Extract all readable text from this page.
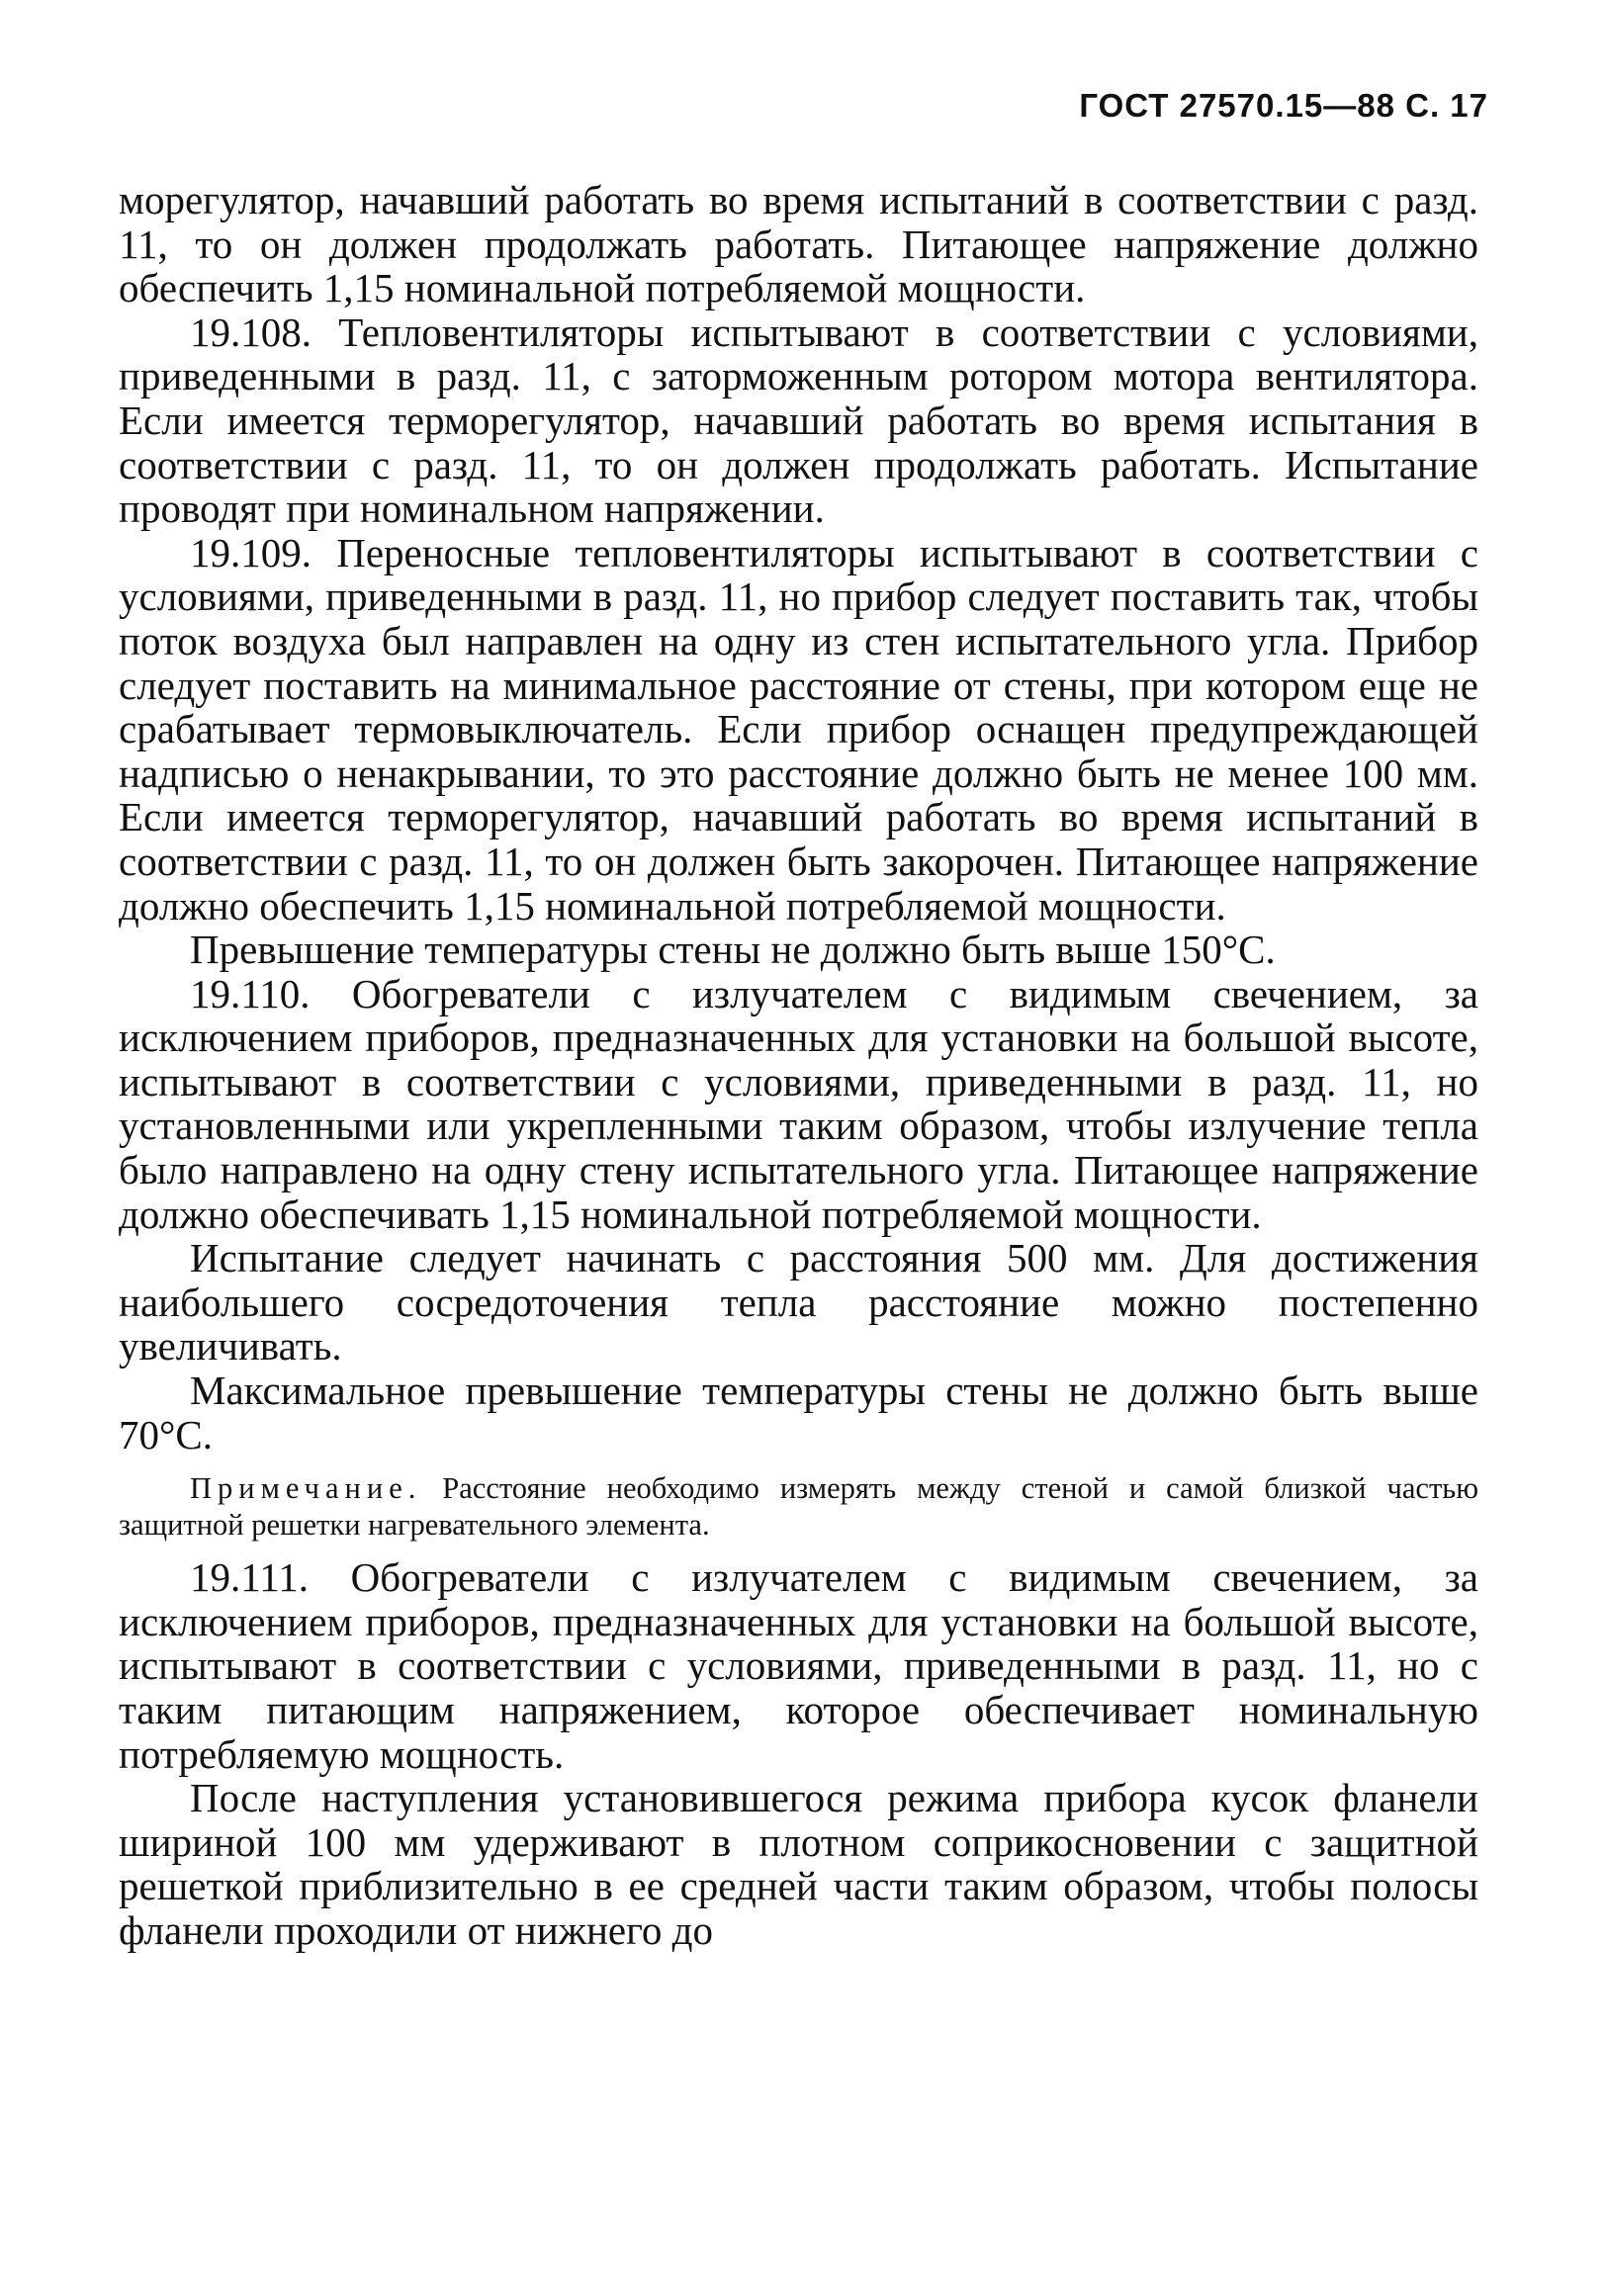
ГОСТ 27570.15—88 С. 17

морегулятор, начавший работать во время испытаний в соответствии с разд. 11, то он должен продолжать работать. Питающее напряжение должно обеспечить 1,15 номинальной потребляемой мощности.

19.108. Тепловентиляторы испытывают в соответствии с условиями, приведенными в разд. 11, с заторможенным ротором мотора вентилятора. Если имеется терморегулятор, начавший работать во время испытания в соответствии с разд. 11, то он должен продолжать работать. Испытание проводят при номинальном напряжении.

19.109. Переносные тепловентиляторы испытывают в соответствии с условиями, приведенными в разд. 11, но прибор следует поставить так, чтобы поток воздуха был направлен на одну из стен испытательного угла. Прибор следует поставить на минимальное расстояние от стены, при котором еще не срабатывает термовыключатель. Если прибор оснащен предупреждающей надписью о ненакрывании, то это расстояние должно быть не менее 100 мм. Если имеется терморегулятор, начавший работать во время испытаний в соответствии с разд. 11, то он должен быть закорочен. Питающее напряжение должно обеспечить 1,15 номинальной потребляемой мощности.

Превышение температуры стены не должно быть выше 150°С.

19.110. Обогреватели с излучателем с видимым свечением, за исключением приборов, предназначенных для установки на большой высоте, испытывают в соответствии с условиями, приведенными в разд. 11, но установленными или укрепленными таким образом, чтобы излучение тепла было направлено на одну стену испытательного угла. Питающее напряжение должно обеспечивать 1,15 номинальной потребляемой мощности.

Испытание следует начинать с расстояния 500 мм. Для достижения наибольшего сосредоточения тепла расстояние можно постепенно увеличивать.

Максимальное превышение температуры стены не должно быть выше 70°С.

Примечание. Расстояние необходимо измерять между стеной и самой близкой частью защитной решетки нагревательного элемента.

19.111. Обогреватели с излучателем с видимым свечением, за исключением приборов, предназначенных для установки на большой высоте, испытывают в соответствии с условиями, приведенными в разд. 11, но с таким питающим напряжением, которое обеспечивает номинальную потребляемую мощность.

После наступления установившегося режима прибора кусок фланели шириной 100 мм удерживают в плотном соприкосновении с защитной решеткой приблизительно в ее средней части таким образом, чтобы полосы фланели проходили от нижнего до
